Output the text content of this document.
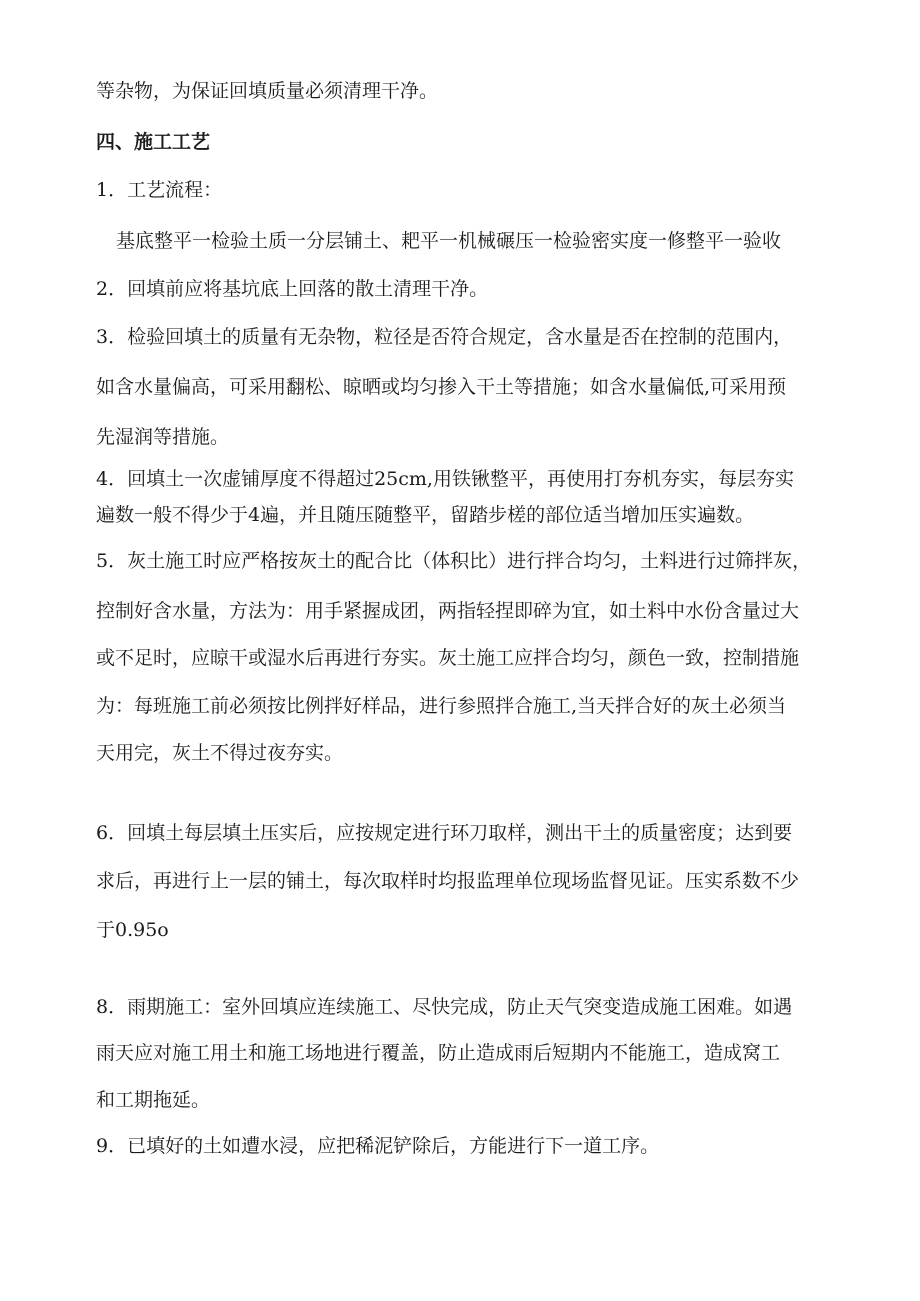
等杂物，为保证回填质量必须清理干净。
四、施工工艺
1．工艺流程：
基底整平一检验土质一分层铺土、耙平一机械碾压一检验密实度一修整平一验收
2．回填前应将基坑底上回落的散土清理干净。
3．检验回填土的质量有无杂物，粒径是否符合规定，含水量是否在控制的范围内，
如含水量偏高，可采用翻松、晾晒或均匀掺入干土等措施；如含水量偏低,可采用预
先湿润等措施。
4．回填土一次虚铺厚度不得超过25cm,用铁锹整平，再使用打夯机夯实，每层夯实
遍数一般不得少于4遍，并且随压随整平，留踏步槎的部位适当增加压实遍数。
5．灰土施工时应严格按灰土的配合比（体积比）进行拌合均匀，土料进行过筛拌灰，
控制好含水量，方法为：用手紧握成团，两指轻捏即碎为宜，如土料中水份含量过大
或不足时，应晾干或湿水后再进行夯实。灰土施工应拌合均匀，颜色一致，控制措施
为：每班施工前必须按比例拌好样品，进行参照拌合施工,当天拌合好的灰土必须当
天用完，灰土不得过夜夯实。
6．回填土每层填土压实后，应按规定进行环刀取样，测出干土的质量密度；达到要
求后，再进行上一层的铺土，每次取样时均报监理单位现场监督见证。压实系数不少
于0.95o
8．雨期施工：室外回填应连续施工、尽快完成，防止天气突变造成施工困难。如遇
雨天应对施工用土和施工场地进行覆盖，防止造成雨后短期内不能施工，造成窝工
和工期拖延。
9．已填好的土如遭水浸，应把稀泥铲除后，方能进行下一道工序。
